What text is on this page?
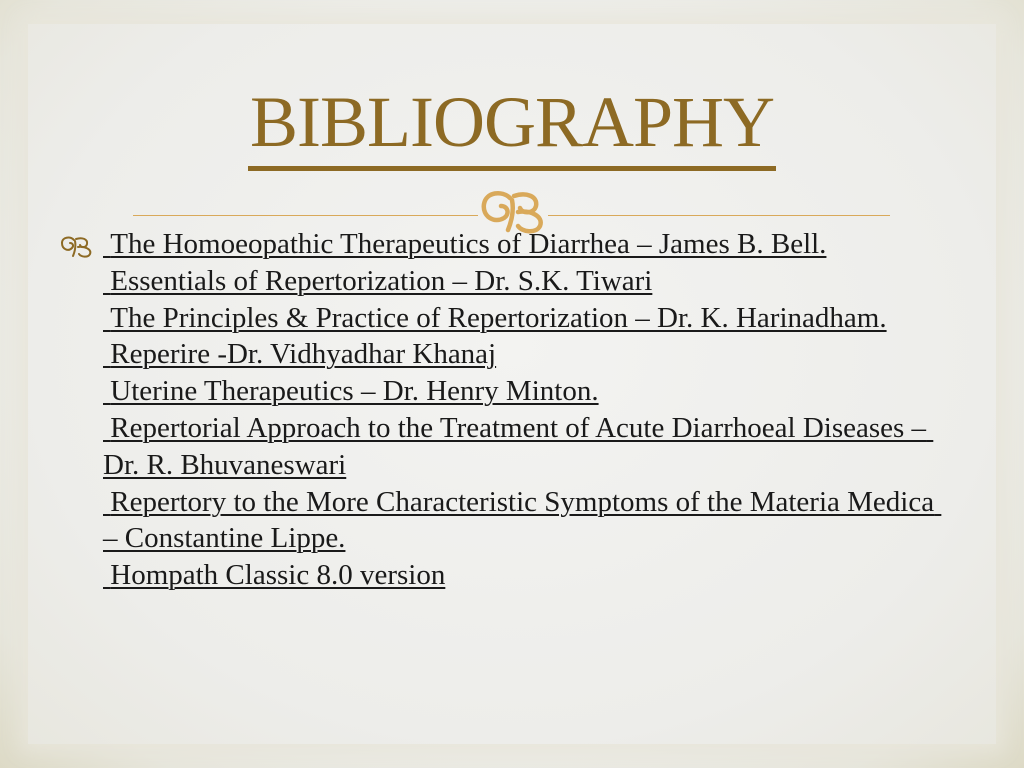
BIBLIOGRAPHY
The Homoeopathic Therapeutics of Diarrhea – James B. Bell.
Essentials of Repertorization – Dr. S.K. Tiwari
The Principles & Practice of Repertorization – Dr. K. Harinadham.
Reperire -Dr. Vidhyadhar Khanaj
Uterine Therapeutics – Dr. Henry Minton.
Repertorial Approach to the Treatment of Acute Diarrhoeal Diseases – Dr. R. Bhuvaneswari
Repertory to the More Characteristic Symptoms of the Materia Medica – Constantine Lippe.
Hompath Classic 8.0 version
